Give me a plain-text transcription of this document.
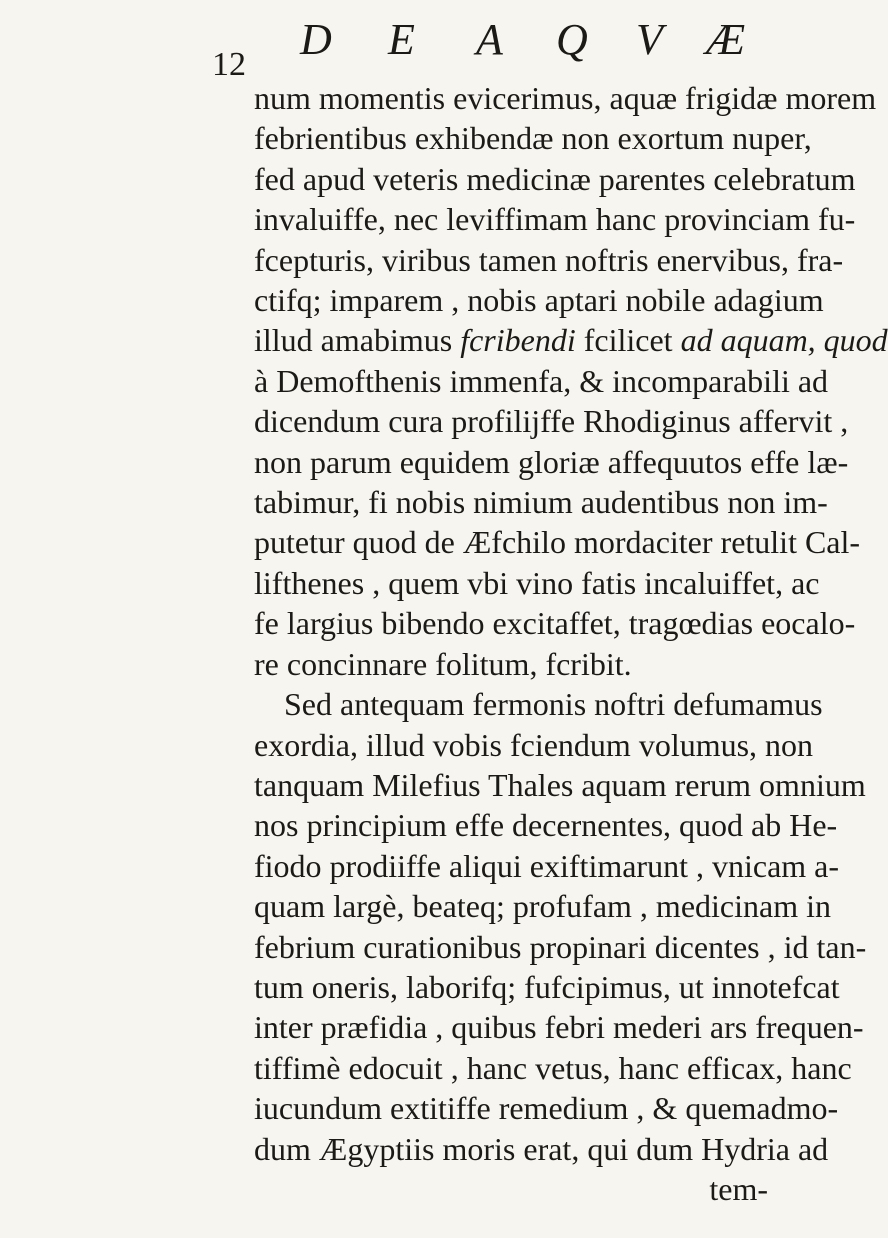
12
D E A Q V Æ
num momentis evicerimus, aquæ frigidæ morem
febrientibus exhibendæ non exortum nuper,
fed apud veteris medicinæ parentes celebratum
invaluiffe, nec leviffimam hanc provinciam fu-
fcepturis, viribus tamen noftris enervibus, fra-
ctifq; imparem , nobis aptari nobile adagium
illud amabimus fcribendi fcilicet ad aquam, quod
à Demofthenis immenfa, & incomparabili ad
dicendum cura profilijffe Rhodiginus affervit ,
non parum equidem gloriæ affequutos effe læ-
tabimur, fi nobis nimium audentibus non im-
putetur quod de Æfchilo mordaciter retulit Cal-
lifthenes , quem vbi vino fatis incaluiffet, ac
fe largius bibendo excitaffet, tragœdias eocalo-
re concinnare folitum, fcribit.
Sed antequam fermonis noftri defumamus
exordia, illud vobis fciendum volumus, non
tanquam Milefius Thales aquam rerum omnium
nos principium effe decernentes, quod ab He-
fiodo prodiiffe aliqui exiftimarunt , vnicam a-
quam largè, beateq; profufam , medicinam in
febrium curationibus propinari dicentes , id tan-
tum oneris, laborifq; fufcipimus, ut innotefcat
inter præfidia , quibus febri mederi ars frequen-
tiffimè edocuit , hanc vetus, hanc efficax, hanc
iucundum extitiffe remedium , & quemadmo-
dum Ægyptiis moris erat, qui dum Hydria ad
tem-
